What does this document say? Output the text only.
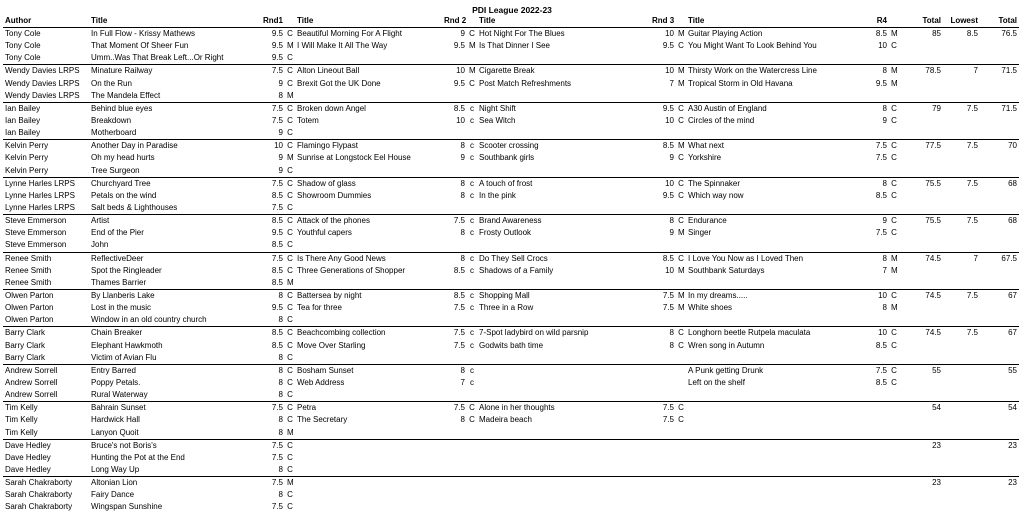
PDI League 2022-23
Author	Title	Rnd1		Title	Rnd 2		Title	Rnd 3		Title	R4		Total	Lowest	Total
Tony Cole	In Full Flow - Krissy Mathews	9.5	C	Beautiful Morning For A Flight	9	C	Hot Night For The Blues	10	M	Guitar Playing Action	8.5	M	85	8.5	76.5
Tony Cole	That Moment Of Sheer Fun	9.5	M	I Will Make It All The Way	9.5	M	Is That Dinner I See	9.5	C	You Might Want To Look Behind You	10	C			
Tony Cole	Umm..Was That Break Left...Or Right	9.5	C												
Wendy Davies LRPS	Minature Railway	7.5	C	Alton Lineout Ball	10	M	Cigarette Break	10	M	Thirsty Work on the Watercress Line	8	M	78.5	7	71.5
Wendy Davies LRPS	On the Run	9	C	Brexit Got the UK Done	9.5	C	Post Match Refreshments	7	M	Tropical Storm in Old Havana	9.5	M			
Wendy Davies LRPS	The Mandela Effect	8	M												
Ian Bailey	Behind blue eyes	7.5	C	Broken down Angel	8.5	c	Night Shift	9.5	C	A30 Austin of England	8	C	79	7.5	71.5
Ian Bailey	Breakdown	7.5	C	Totem	10	c	Sea Witch	10	C	Circles of the mind	9	C			
Ian Bailey	Motherboard	9	C												
Kelvin Perry	Another Day in Paradise	10	C	Flamingo Flypast	8	c	Scooter crossing	8.5	M	What next	7.5	C	77.5	7.5	70
Kelvin Perry	Oh my head hurts	9	M	Sunrise at Longstock Eel House	9	c	Southbank girls	9	C	Yorkshire	7.5	C			
Kelvin Perry	Tree Surgeon	9	C												
Lynne Harles LRPS	Churchyard Tree	7.5	C	Shadow of glass	8	c	A touch of frost	10	C	The Spinnaker	8	C	75.5	7.5	68
Lynne Harles LRPS	Petals on the wind	8.5	C	Showroom Dummies	8	c	In the pink	9.5	C	Which way now	8.5	C			
Lynne Harles LRPS	Salt beds & Lighthouses	7.5	C												
Steve Emmerson	Artist	8.5	C	Attack of the phones	7.5	c	Brand Awareness	8	C	Endurance	9	C	75.5	7.5	68
Steve Emmerson	End of the Pier	9.5	C	Youthful capers	8	c	Frosty Outlook	9	M	Singer	7.5	C			
Steve Emmerson	John	8.5	C												
Renee Smith	ReflectiveDeer	7.5	C	Is There Any Good News	8	c	Do They Sell Crocs	8.5	C	I Love You Now as I Loved Then	8	M	74.5	7	67.5
Renee Smith	Spot the Ringleader	8.5	C	Three Generations of Shopper	8.5	c	Shadows of a Family	10	M	Southbank Saturdays	7	M			
Renee Smith	Thames Barrier	8.5	M												
Olwen Parton	By Llanberis Lake	8	C	Battersea by night	8.5	c	Shopping Mall	7.5	M	In my dreams.....	10	C	74.5	7.5	67
Olwen Parton	Lost in the music	9.5	C	Tea for three	7.5	c	Three in a Row	7.5	M	White shoes	8	M			
Olwen Parton	Window in an old country church	8	C												
Barry Clark	Chain Breaker	8.5	C	Beachcombing collection	7.5	c	7-Spot ladybird on wild parsnip	8	C	Longhorn beetle Rutpela maculata	10	C	74.5	7.5	67
Barry Clark	Elephant Hawkmoth	8.5	C	Move Over Starling	7.5	c	Godwits bath time	8	C	Wren song in Autumn	8.5	C			
Barry Clark	Victim of Avian Flu	8	C												
Andrew Sorrell	Entry Barred	8	C	Bosham Sunset	8	c				A Punk getting Drunk	7.5	C	55		55
Andrew Sorrell	Poppy Petals.	8	C	Web Address	7	c				Left on the shelf	8.5	C			
Andrew Sorrell	Rural Waterway	8	C												
Tim Kelly	Bahrain Sunset	7.5	C	Petra	7.5	C	Alone in her thoughts	7.5	C				54		54
Tim Kelly	Hardwick Hall	8	C	The Secretary	8	C	Madeira beach	7.5	C						
Tim Kelly	Lanyon Quoit	8	M												
Dave Hedley	Bruce's not Boris's	7.5	C										23		23
Dave Hedley	Hunting the Pot at the End	7.5	C												
Dave Hedley	Long Way Up	8	C												
Sarah Chakraborty	Altonian Lion	7.5	M										23		23
Sarah Chakraborty	Fairy Dance	8	C												
Sarah Chakraborty	Wingspan Sunshine	7.5	C												
